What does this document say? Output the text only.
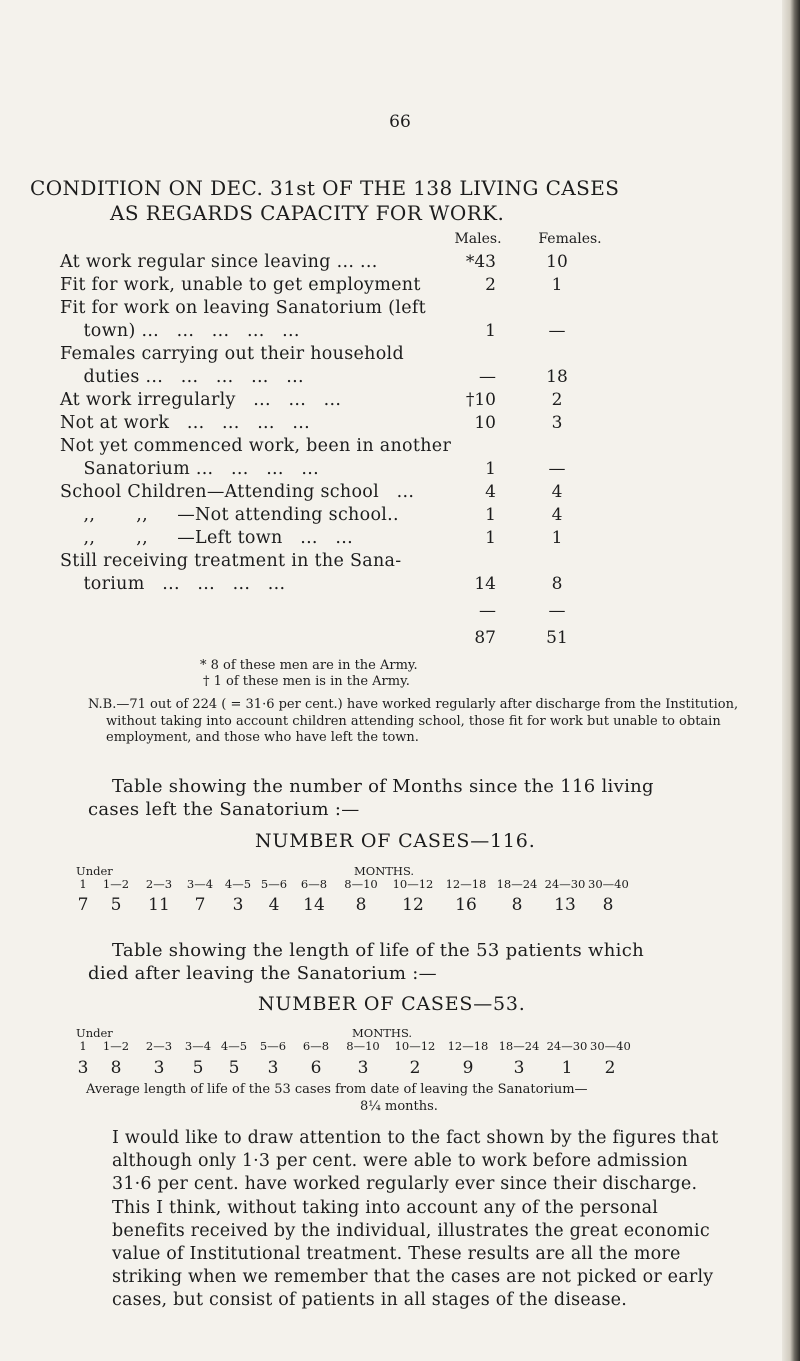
66
CONDITION ON DEC. 31st OF THE 138 LIVING CASES
AS REGARDS CAPACITY FOR WORK.
Males.	Females.
At work regular since leaving ... ...	*43	10
Fit for work, unable to get employment	2	1
Fit for work on leaving Sanatorium (left
town) ...   ...   ...   ...   ...	1	—
Females carrying out their household
duties ...   ...   ...   ...   ...	—	18
At work irregularly   ...   ...   ...	†10	2
Not at work   ...   ...   ...   ...	10	3
Not yet commenced work, been in another
Sanatorium ...   ...   ...   ...	1	—
School Children—Attending school   ...	4	4
,,       ,,     —Not attending school..	1	4
,,       ,,     —Left town   ...   ...	1	1
Still receiving treatment in the Sana-
torium   ...   ...   ...   ...	14	8
—	—
87	51
* 8 of these men are in the Army.
† 1 of these men is in the Army.
N.B.—71 out of 224 ( = 31·6 per cent.) have worked regularly after discharge from the Institution, without taking into account children attending school, those fit for work but unable to obtain employment, and those who have left the town.
Table showing the number of Months since the 116 living
cases left the Sanatorium :—
NUMBER OF CASES—116.
Under	MONTHS.
1	1—2	2—3	3—4	4—5 5—6	6—8	8—10	10—12	12—18 18—24 24—30 30—40
7	5	11	7	3	4	14	8	12	16	8	13	8
Table showing the length of life of the 53 patients which
died after leaving the Sanatorium :—
NUMBER OF CASES—53.
Under	MONTHS.
1	1—2	2—3	3—4 4—5	5—6	6—8	8—10	10—12	12—18 18—24 24—30 30—40
3	8	3	5	5	3	6	3	2	9	3	1	2
Average length of life of the 53 cases from date of leaving the Sanatorium—
8¼ months.
I would like to draw attention to the fact shown by the figures that although only 1·3 per cent. were able to work before admission 31·6 per cent. have worked regularly ever since their discharge. This I think, without taking into account any of the personal benefits received by the individual, illustrates the great economic value of Institutional treatment. These results are all the more striking when we remember that the cases are not picked or early cases, but consist of patients in all stages of the disease.
